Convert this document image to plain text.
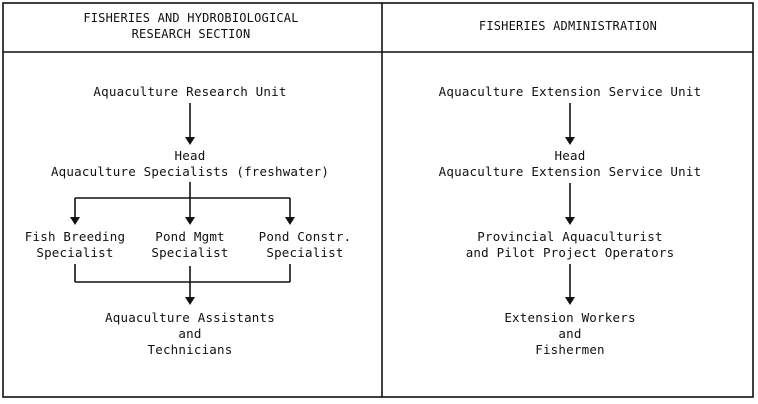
FISHERIES AND HYDROBIOLOGICAL
RESEARCH SECTION
FISHERIES ADMINISTRATION
Aquaculture Research Unit
Head
Aquaculture Specialists (freshwater)
Fish Breeding
Specialist
Pond Mgmt
Specialist
Pond Constr.
Specialist
Aquaculture Assistants
and
Technicians
Aquaculture Extension Service Unit
Head
Aquaculture Extension Service Unit
Provincial Aquaculturist
and Pilot Project Operators
Extension Workers
and
Fishermen
